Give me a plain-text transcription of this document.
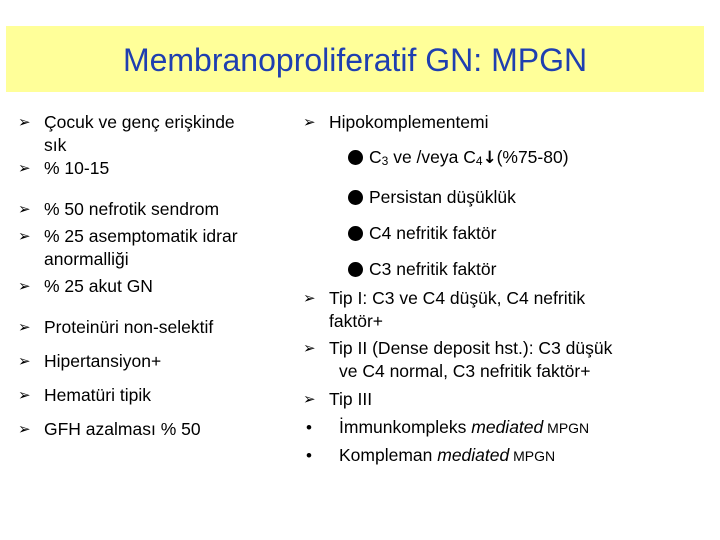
Membranoproliferatif GN: MPGN
➢ Çocuk ve genç erişkinde
sık
➢ % 10-15
➢ % 50 nefrotik sendrom
➢ % 25 asemptomatik idrar
anormalliği
➢ % 25 akut GN
➢ Proteinüri non-selektif
➢ Hipertansiyon+
➢ Hematüri tipik
➢ GFH azalması % 50
➢ Hipokomplementemi
C3 ve /veya C4↓(%75-80)
Persistan düşüklük
C4 nefritik faktör
C3 nefritik faktör
➢ Tip I: C3 ve C4 düşük, C4 nefritik
faktör+
➢ Tip II (Dense deposit hst.): C3 düşük
ve C4 normal, C3 nefritik faktör+
➢ Tip III
• İmmunkompleks mediated MPGN
• Kompleman mediated MPGN
